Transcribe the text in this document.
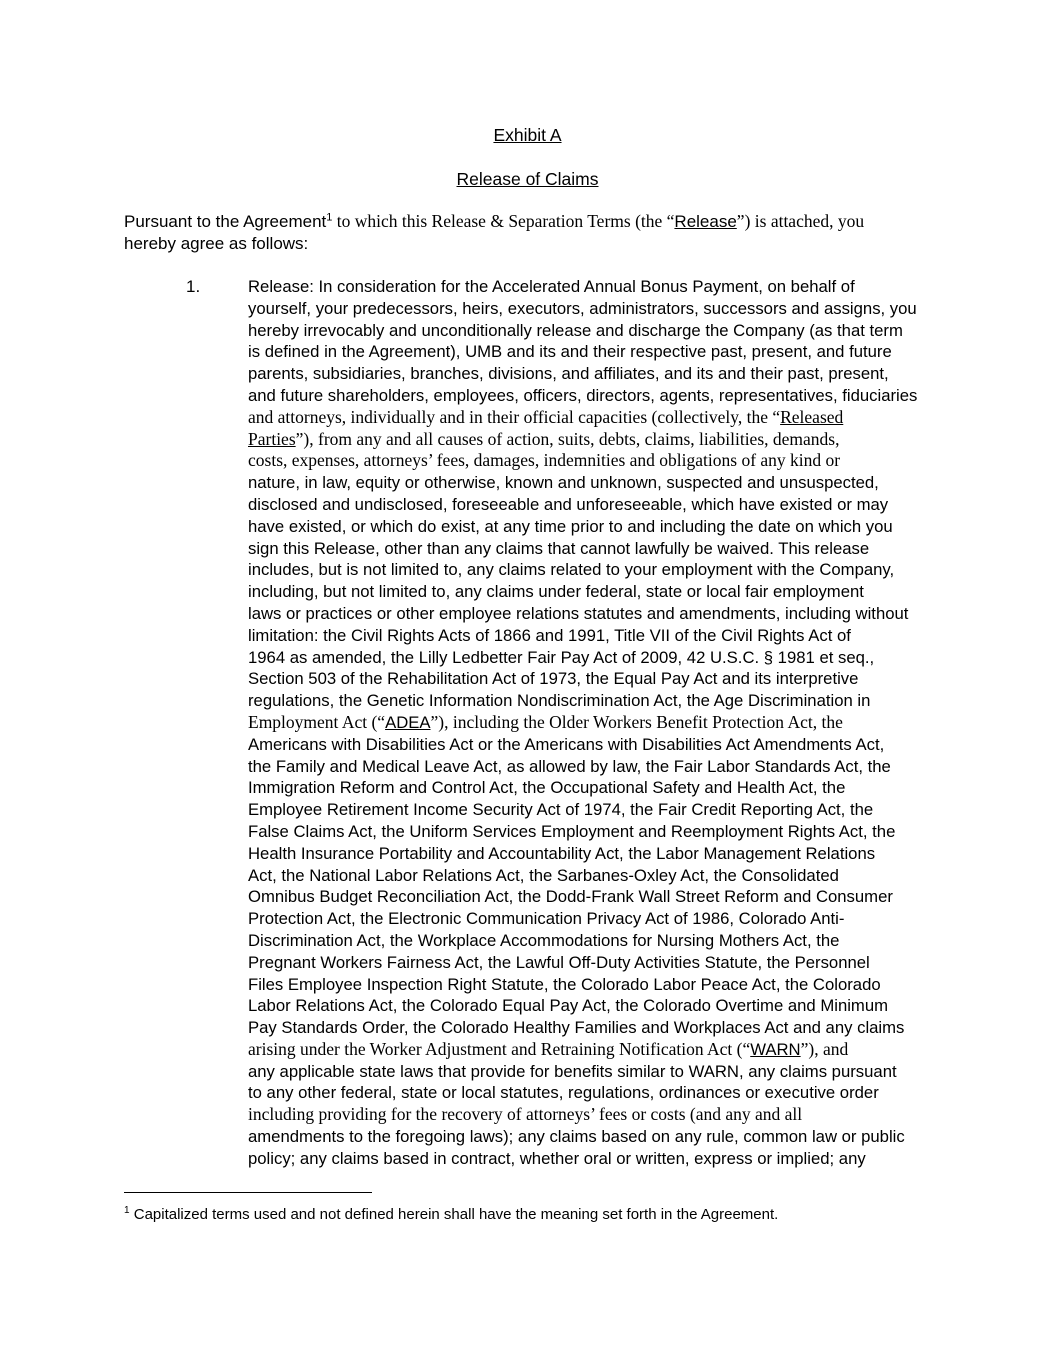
Exhibit A
Release of Claims
Pursuant to the Agreement$^1$ to which this Release & Separation Terms (the “Release”) is attached, you
hereby agree as follows:
1.	Release: In consideration for the Accelerated Annual Bonus Payment, on behalf of
yourself, your predecessors, heirs, executors, administrators, successors and assigns, you
hereby irrevocably and unconditionally release and discharge the Company (as that term
is defined in the Agreement), UMB and its and their respective past, present, and future
parents, subsidiaries, branches, divisions, and affiliates, and its and their past, present,
and future shareholders, employees, officers, directors, agents, representatives, fiduciaries
and attorneys, individually and in their official capacities (collectively, the “Released
Parties”), from any and all causes of action, suits, debts, claims, liabilities, demands,
costs, expenses, attorneys’ fees, damages, indemnities and obligations of any kind or
nature, in law, equity or otherwise, known and unknown, suspected and unsuspected,
disclosed and undisclosed, foreseeable and unforeseeable, which have existed or may
have existed, or which do exist, at any time prior to and including the date on which you
sign this Release, other than any claims that cannot lawfully be waived. This release
includes, but is not limited to, any claims related to your employment with the Company,
including, but not limited to, any claims under federal, state or local fair employment
laws or practices or other employee relations statutes and amendments, including without
limitation: the Civil Rights Acts of 1866 and 1991, Title VII of the Civil Rights Act of
1964 as amended, the Lilly Ledbetter Fair Pay Act of 2009, 42 U.S.C. § 1981 et seq.,
Section 503 of the Rehabilitation Act of 1973, the Equal Pay Act and its interpretive
regulations, the Genetic Information Nondiscrimination Act, the Age Discrimination in
Employment Act (“ADEA”), including the Older Workers Benefit Protection Act, the
Americans with Disabilities Act or the Americans with Disabilities Act Amendments Act,
the Family and Medical Leave Act, as allowed by law, the Fair Labor Standards Act, the
Immigration Reform and Control Act, the Occupational Safety and Health Act, the
Employee Retirement Income Security Act of 1974, the Fair Credit Reporting Act, the
False Claims Act, the Uniform Services Employment and Reemployment Rights Act, the
Health Insurance Portability and Accountability Act, the Labor Management Relations
Act, the National Labor Relations Act, the Sarbanes-Oxley Act, the Consolidated
Omnibus Budget Reconciliation Act, the Dodd-Frank Wall Street Reform and Consumer
Protection Act, the Electronic Communication Privacy Act of 1986, Colorado Anti-
Discrimination Act, the Workplace Accommodations for Nursing Mothers Act, the
Pregnant Workers Fairness Act, the Lawful Off-Duty Activities Statute, the Personnel
Files Employee Inspection Right Statute, the Colorado Labor Peace Act, the Colorado
Labor Relations Act, the Colorado Equal Pay Act, the Colorado Overtime and Minimum
Pay Standards Order, the Colorado Healthy Families and Workplaces Act and any claims
arising under the Worker Adjustment and Retraining Notification Act (“WARN”), and
any applicable state laws that provide for benefits similar to WARN, any claims pursuant
to any other federal, state or local statutes, regulations, ordinances or executive order
including providing for the recovery of attorneys’ fees or costs (and any and all
amendments to the foregoing laws); any claims based on any rule, common law or public
policy; any claims based in contract, whether oral or written, express or implied; any
$^1$ Capitalized terms used and not defined herein shall have the meaning set forth in the Agreement.
